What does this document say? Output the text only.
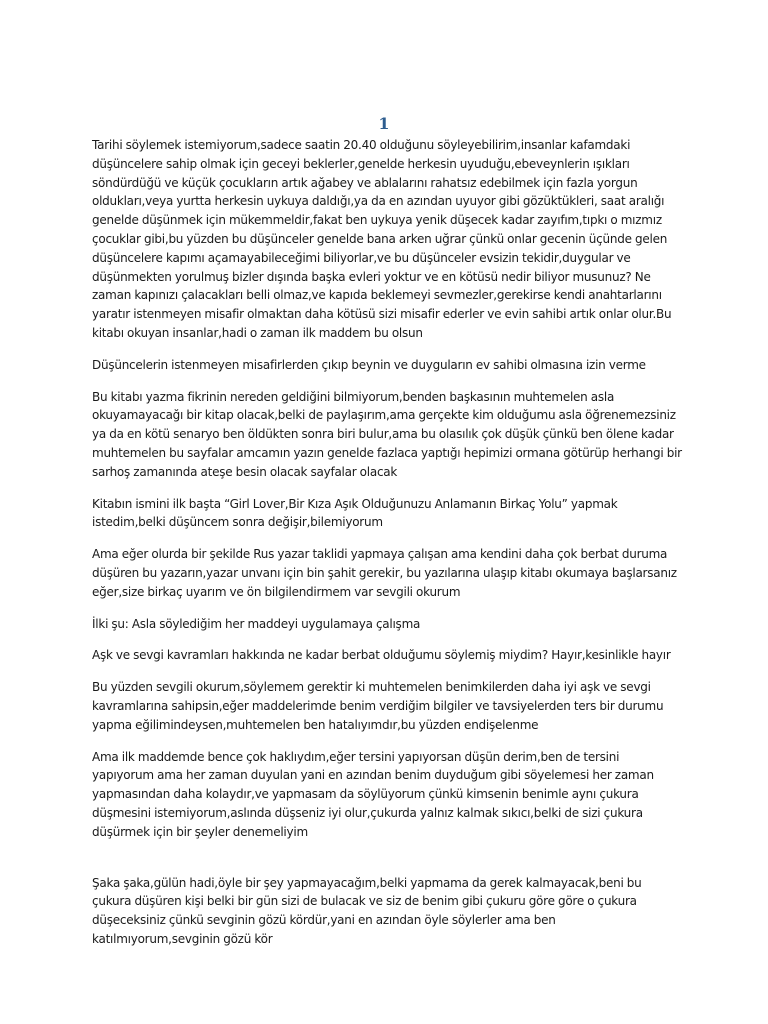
1

Tarihi söylemek istemiyorum,sadece saatin 20.40 olduğunu söyleyebilirim,insanlar kafamdaki düşüncelere sahip olmak için geceyi beklerler,genelde herkesin uyuduğu,ebeveynlerin ışıkları söndürdüğü ve küçük çocukların artık ağabey ve ablalarını rahatsız edebilmek için fazla yorgun oldukları,veya yurtta herkesin uykuya daldığı,ya da en azından uyuyor gibi gözüktükleri, saat aralığı genelde düşünmek için mükemmeldir,fakat ben uykuya yenik düşecek kadar zayıfım,tıpkı o mızmız çocuklar gibi,bu yüzden bu düşünceler genelde bana arken uğrar çünkü onlar gecenin üçünde gelen düşüncelere kapımı açamayabileceğimi biliyorlar,ve bu düşünceler evsizin tekidir,duygular ve düşünmekten yorulmuş bizler dışında başka evleri yoktur ve en kötüsü nedir biliyor musunuz? Ne zaman kapınızı çalacakları belli olmaz,ve kapıda beklemeyi sevmezler,gerekirse kendi anahtarlarını yaratır istenmeyen misafir olmaktan daha kötüsü sizi misafir ederler ve evin sahibi artık onlar olur.Bu kitabı okuyan insanlar,hadi o zaman ilk maddem bu olsun

Düşüncelerin istenmeyen misafirlerden çıkıp beynin ve duyguların ev sahibi olmasına izin verme

Bu kitabı yazma fikrinin nereden geldiğini bilmiyorum,benden başkasının muhtemelen asla okuyamayacağı bir kitap olacak,belki de paylaşırım,ama gerçekte kim olduğumu asla öğrenemezsiniz ya da en kötü senaryo ben öldükten sonra biri bulur,ama bu olasılık çok düşük çünkü ben ölene kadar muhtemelen bu sayfalar amcamın yazın genelde fazlaca yaptığı hepimizi ormana götürüp herhangi bir sarhoş zamanında ateşe besin olacak sayfalar olacak

Kitabın ismini ilk başta “Girl Lover,Bir Kıza Aşık Olduğunuzu Anlamanın Birkaç Yolu” yapmak istedim,belki düşüncem sonra değişir,bilemiyorum

Ama eğer olurda bir şekilde Rus yazar taklidi yapmaya çalışan ama kendini daha çok berbat duruma düşüren bu yazarın,yazar unvanı için bin şahit gerekir, bu yazılarına ulaşıp kitabı okumaya başlarsanız eğer,size birkaç uyarım ve ön bilgilendirmem var sevgili okurum

İlki şu: Asla söylediğim her maddeyi uygulamaya çalışma

Aşk ve sevgi kavramları hakkında ne kadar berbat olduğumu söylemiş miydim? Hayır,kesinlikle hayır

Bu yüzden sevgili okurum,söylemem gerektir ki muhtemelen benimkilerden daha iyi aşk ve sevgi kavramlarına sahipsin,eğer maddelerimde benim verdiğim bilgiler ve tavsiyelerden ters bir durumu yapma eğilimindeysen,muhtemelen ben hatalıyımdır,bu yüzden endişelenme

Ama ilk maddemde bence çok haklıydım,eğer tersini yapıyorsan düşün derim,ben de tersini yapıyorum ama her zaman duyulan yani en azından benim duyduğum gibi söyelemesi her zaman yapmasından daha kolaydır,ve yapmasam da söylüyorum çünkü kimsenin benimle aynı çukura düşmesini istemiyorum,aslında düşseniz iyi olur,çukurda yalnız kalmak sıkıcı,belki de sizi çukura düşürmek için bir şeyler denemeliyim

Şaka şaka,gülün hadi,öyle bir şey yapmayacağım,belki yapmama da gerek kalmayacak,beni bu çukura düşüren kişi belki bir gün sizi de bulacak ve siz de benim gibi çukuru göre göre o çukura düşeceksiniz çünkü sevginin gözü kördür,yani en azından öyle söylerler ama ben katılmıyorum,sevginin gözü kör
